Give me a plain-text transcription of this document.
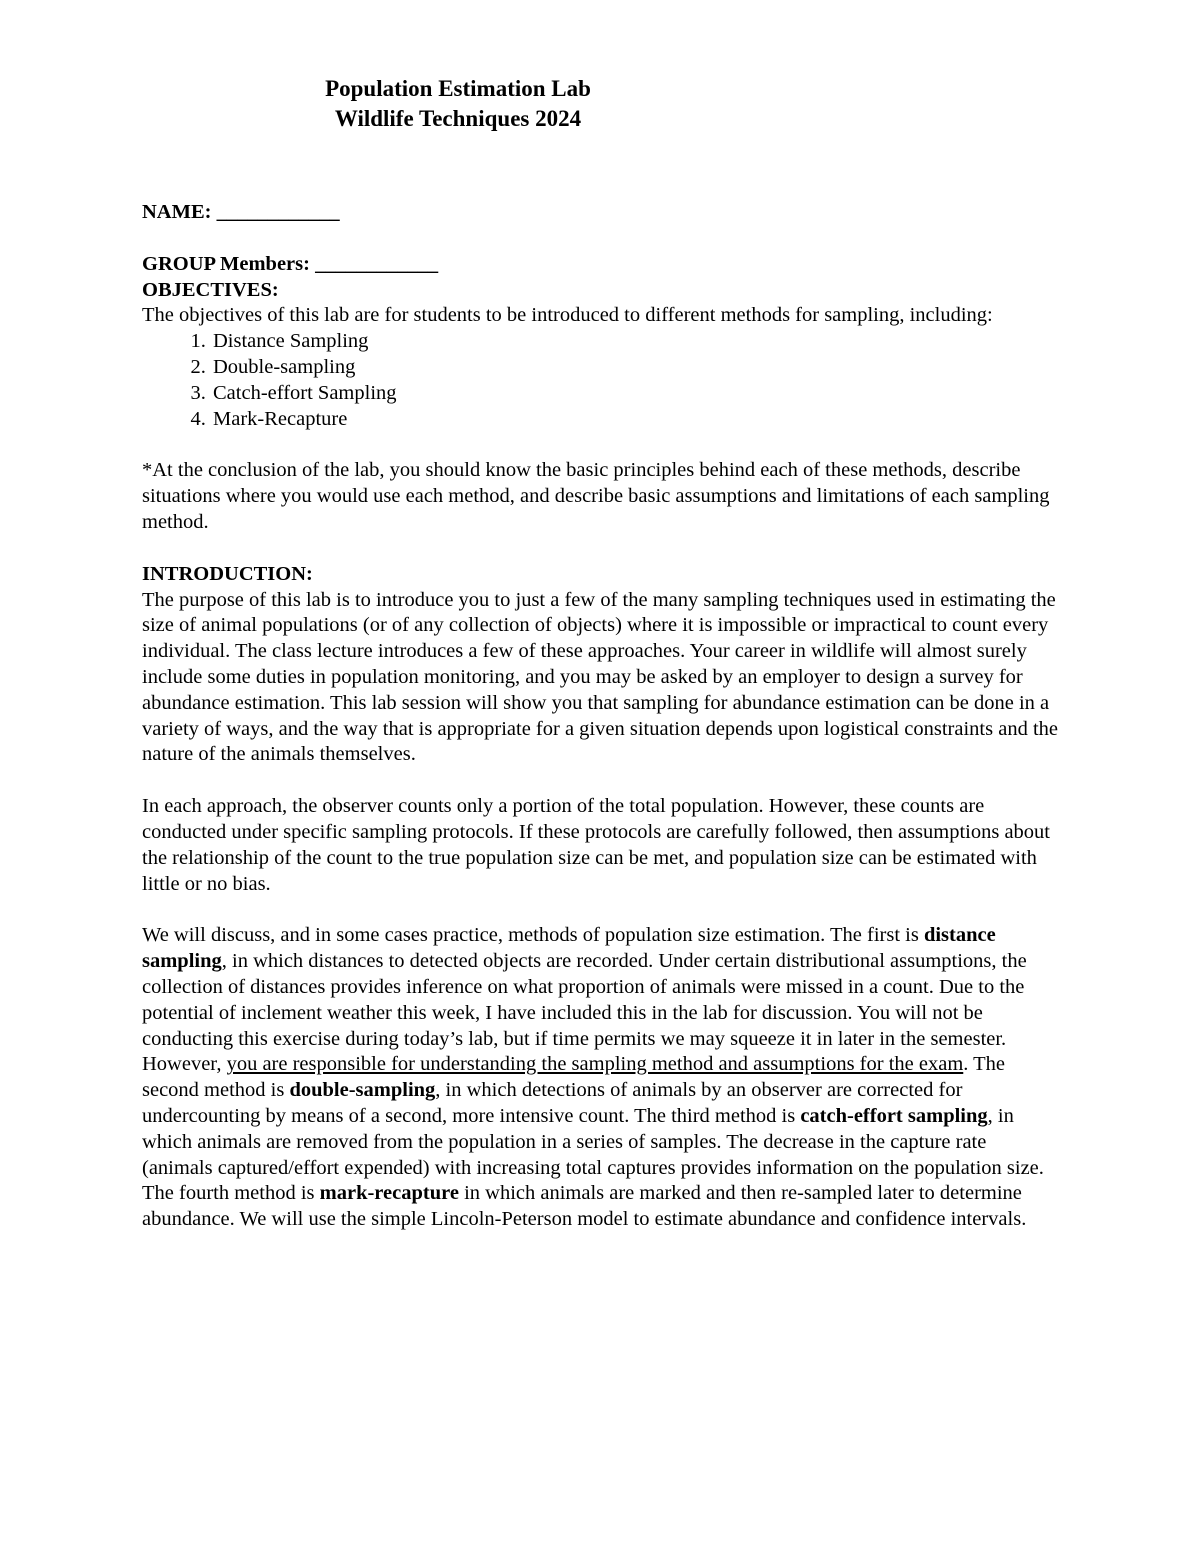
Population Estimation Lab
Wildlife Techniques 2024
NAME: ____________
GROUP Members: ____________
OBJECTIVES:

The objectives of this lab are for students to be introduced to different methods for sampling, including:

1. Distance Sampling
2. Double-sampling
3. Catch-effort Sampling
4. Mark-Recapture

*At the conclusion of the lab, you should know the basic principles behind each of these methods, describe situations where you would use each method, and describe basic assumptions and limitations of each sampling method.

INTRODUCTION:

The purpose of this lab is to introduce you to just a few of the many sampling techniques used in estimating the size of animal populations (or of any collection of objects) where it is impossible or impractical to count every individual. The class lecture introduces a few of these approaches. Your career in wildlife will almost surely include some duties in population monitoring, and you may be asked by an employer to design a survey for abundance estimation. This lab session will show you that sampling for abundance estimation can be done in a variety of ways, and the way that is appropriate for a given situation depends upon logistical constraints and the nature of the animals themselves.

In each approach, the observer counts only a portion of the total population. However, these counts are conducted under specific sampling protocols. If these protocols are carefully followed, then assumptions about the relationship of the count to the true population size can be met, and population size can be estimated with little or no bias.

We will discuss, and in some cases practice, methods of population size estimation. The first is distance sampling, in which distances to detected objects are recorded. Under certain distributional assumptions, the collection of distances provides inference on what proportion of animals were missed in a count. Due to the potential of inclement weather this week, I have included this in the lab for discussion. You will not be conducting this exercise during today’s lab, but if time permits we may squeeze it in later in the semester. However, you are responsible for understanding the sampling method and assumptions for the exam. The second method is double-sampling, in which detections of animals by an observer are corrected for undercounting by means of a second, more intensive count. The third method is catch-effort sampling, in which animals are removed from the population in a series of samples. The decrease in the capture rate (animals captured/effort expended) with increasing total captures provides information on the population size. The fourth method is mark-recapture in which animals are marked and then re-sampled later to determine abundance. We will use the simple Lincoln-Peterson model to estimate abundance and confidence intervals.
